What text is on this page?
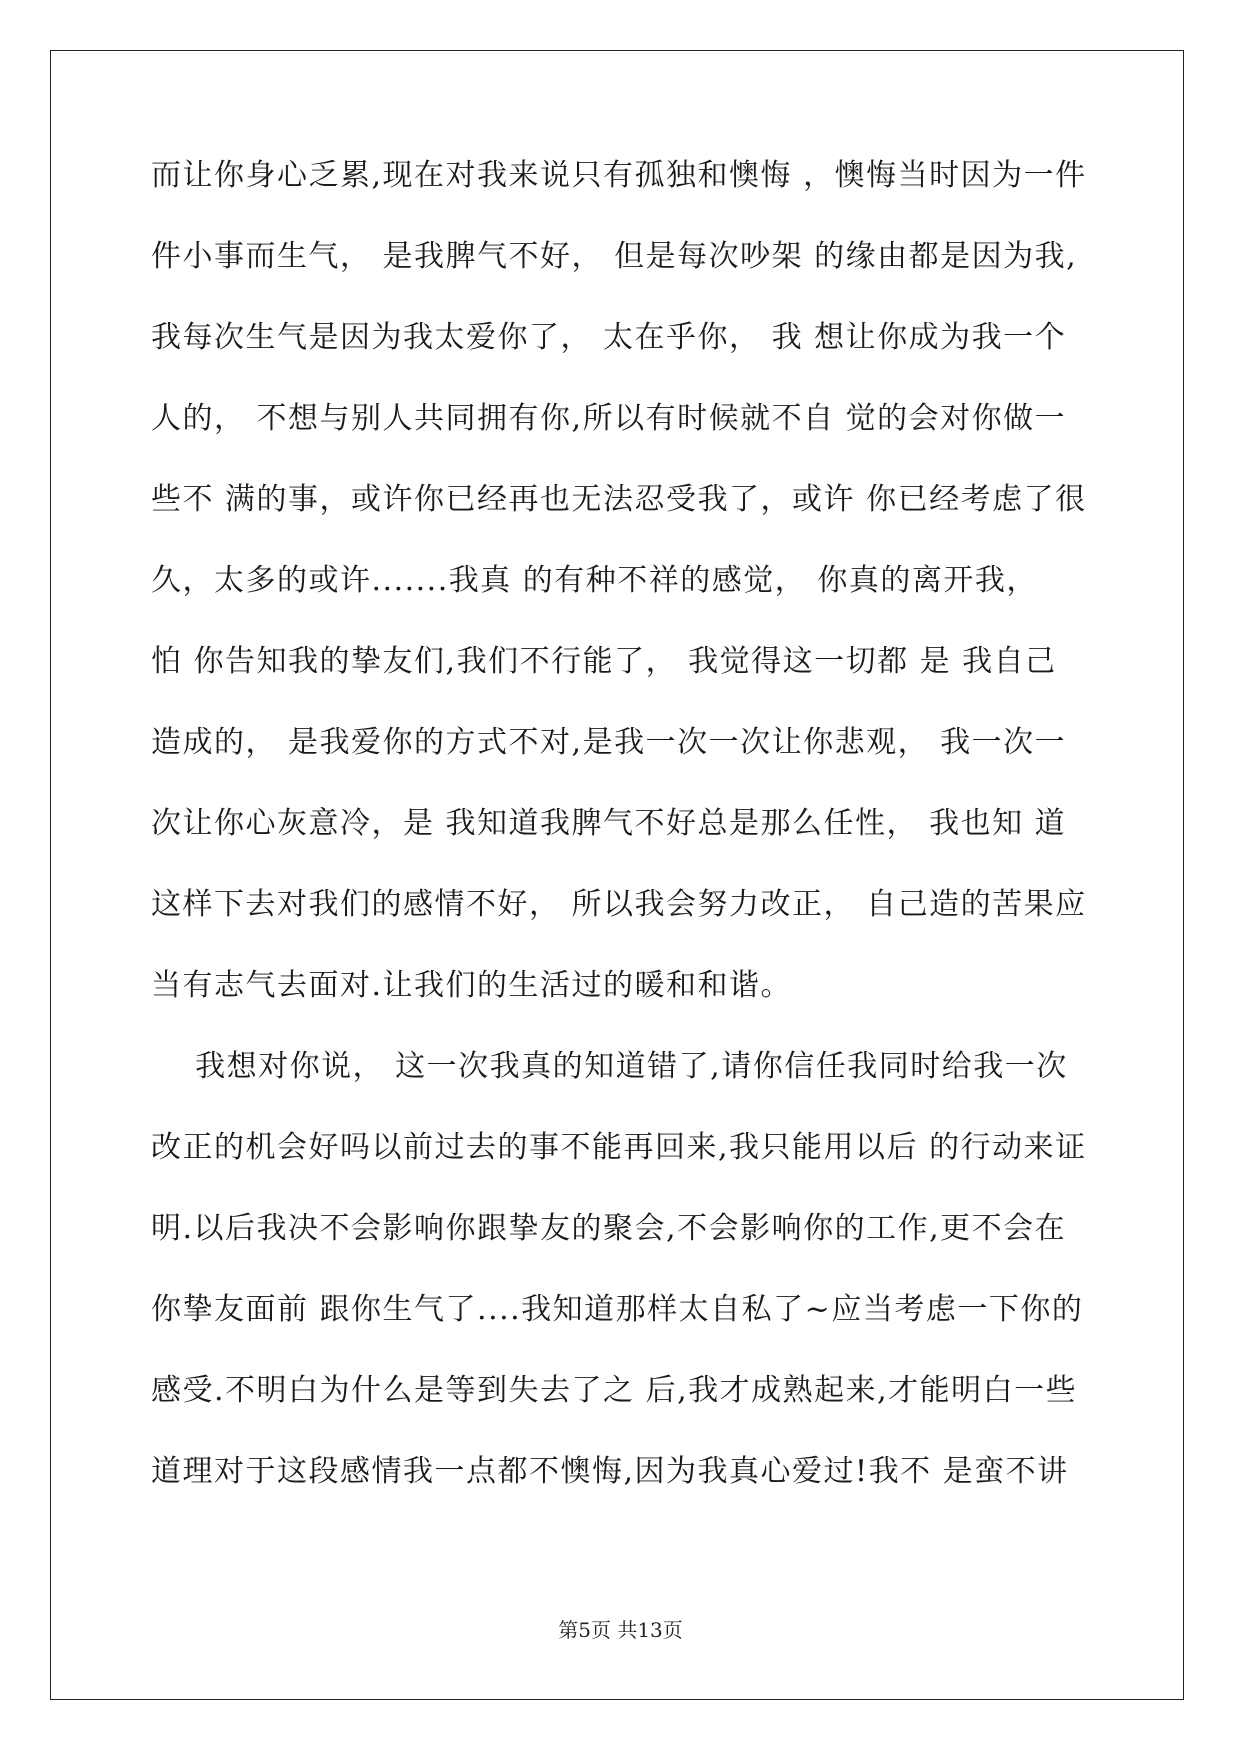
而让你身心乏累,现在对我来说只有孤独和懊悔 ，懊悔当时因为一件
件小事而生气， 是我脾气不好， 但是每次吵架 的缘由都是因为我,
我每次生气是因为我太爱你了， 太在乎你， 我 想让你成为我一个
人的， 不想与别人共同拥有你,所以有时候就不自 觉的会对你做一
些不 满的事，或许你已经再也无法忍受我了，或许 你已经考虑了很
久，太多的或许.......我真 的有种不祥的感觉， 你真的离开我，
怕 你告知我的挚友们,我们不行能了， 我觉得这一切都 是 我自己
造成的， 是我爱你的方式不对,是我一次一次让你悲观， 我一次一
次让你心灰意冷，是 我知道我脾气不好总是那么任性， 我也知 道
这样下去对我们的感情不好， 所以我会努力改正， 自己造的苦果应
当有志气去面对.让我们的生活过的暖和和谐。
我想对你说， 这一次我真的知道错了,请你信任我同时给我一次
改正的机会好吗以前过去的事不能再回来,我只能用以后 的行动来证
明.以后我决不会影响你跟挚友的聚会,不会影响你的工作,更不会在
你挚友面前 跟你生气了....我知道那样太自私了~应当考虑一下你的
感受.不明白为什么是等到失去了之 后,我才成熟起来,才能明白一些
道理对于这段感情我一点都不懊悔,因为我真心爱过!我不 是蛮不讲
第5页 共13页
